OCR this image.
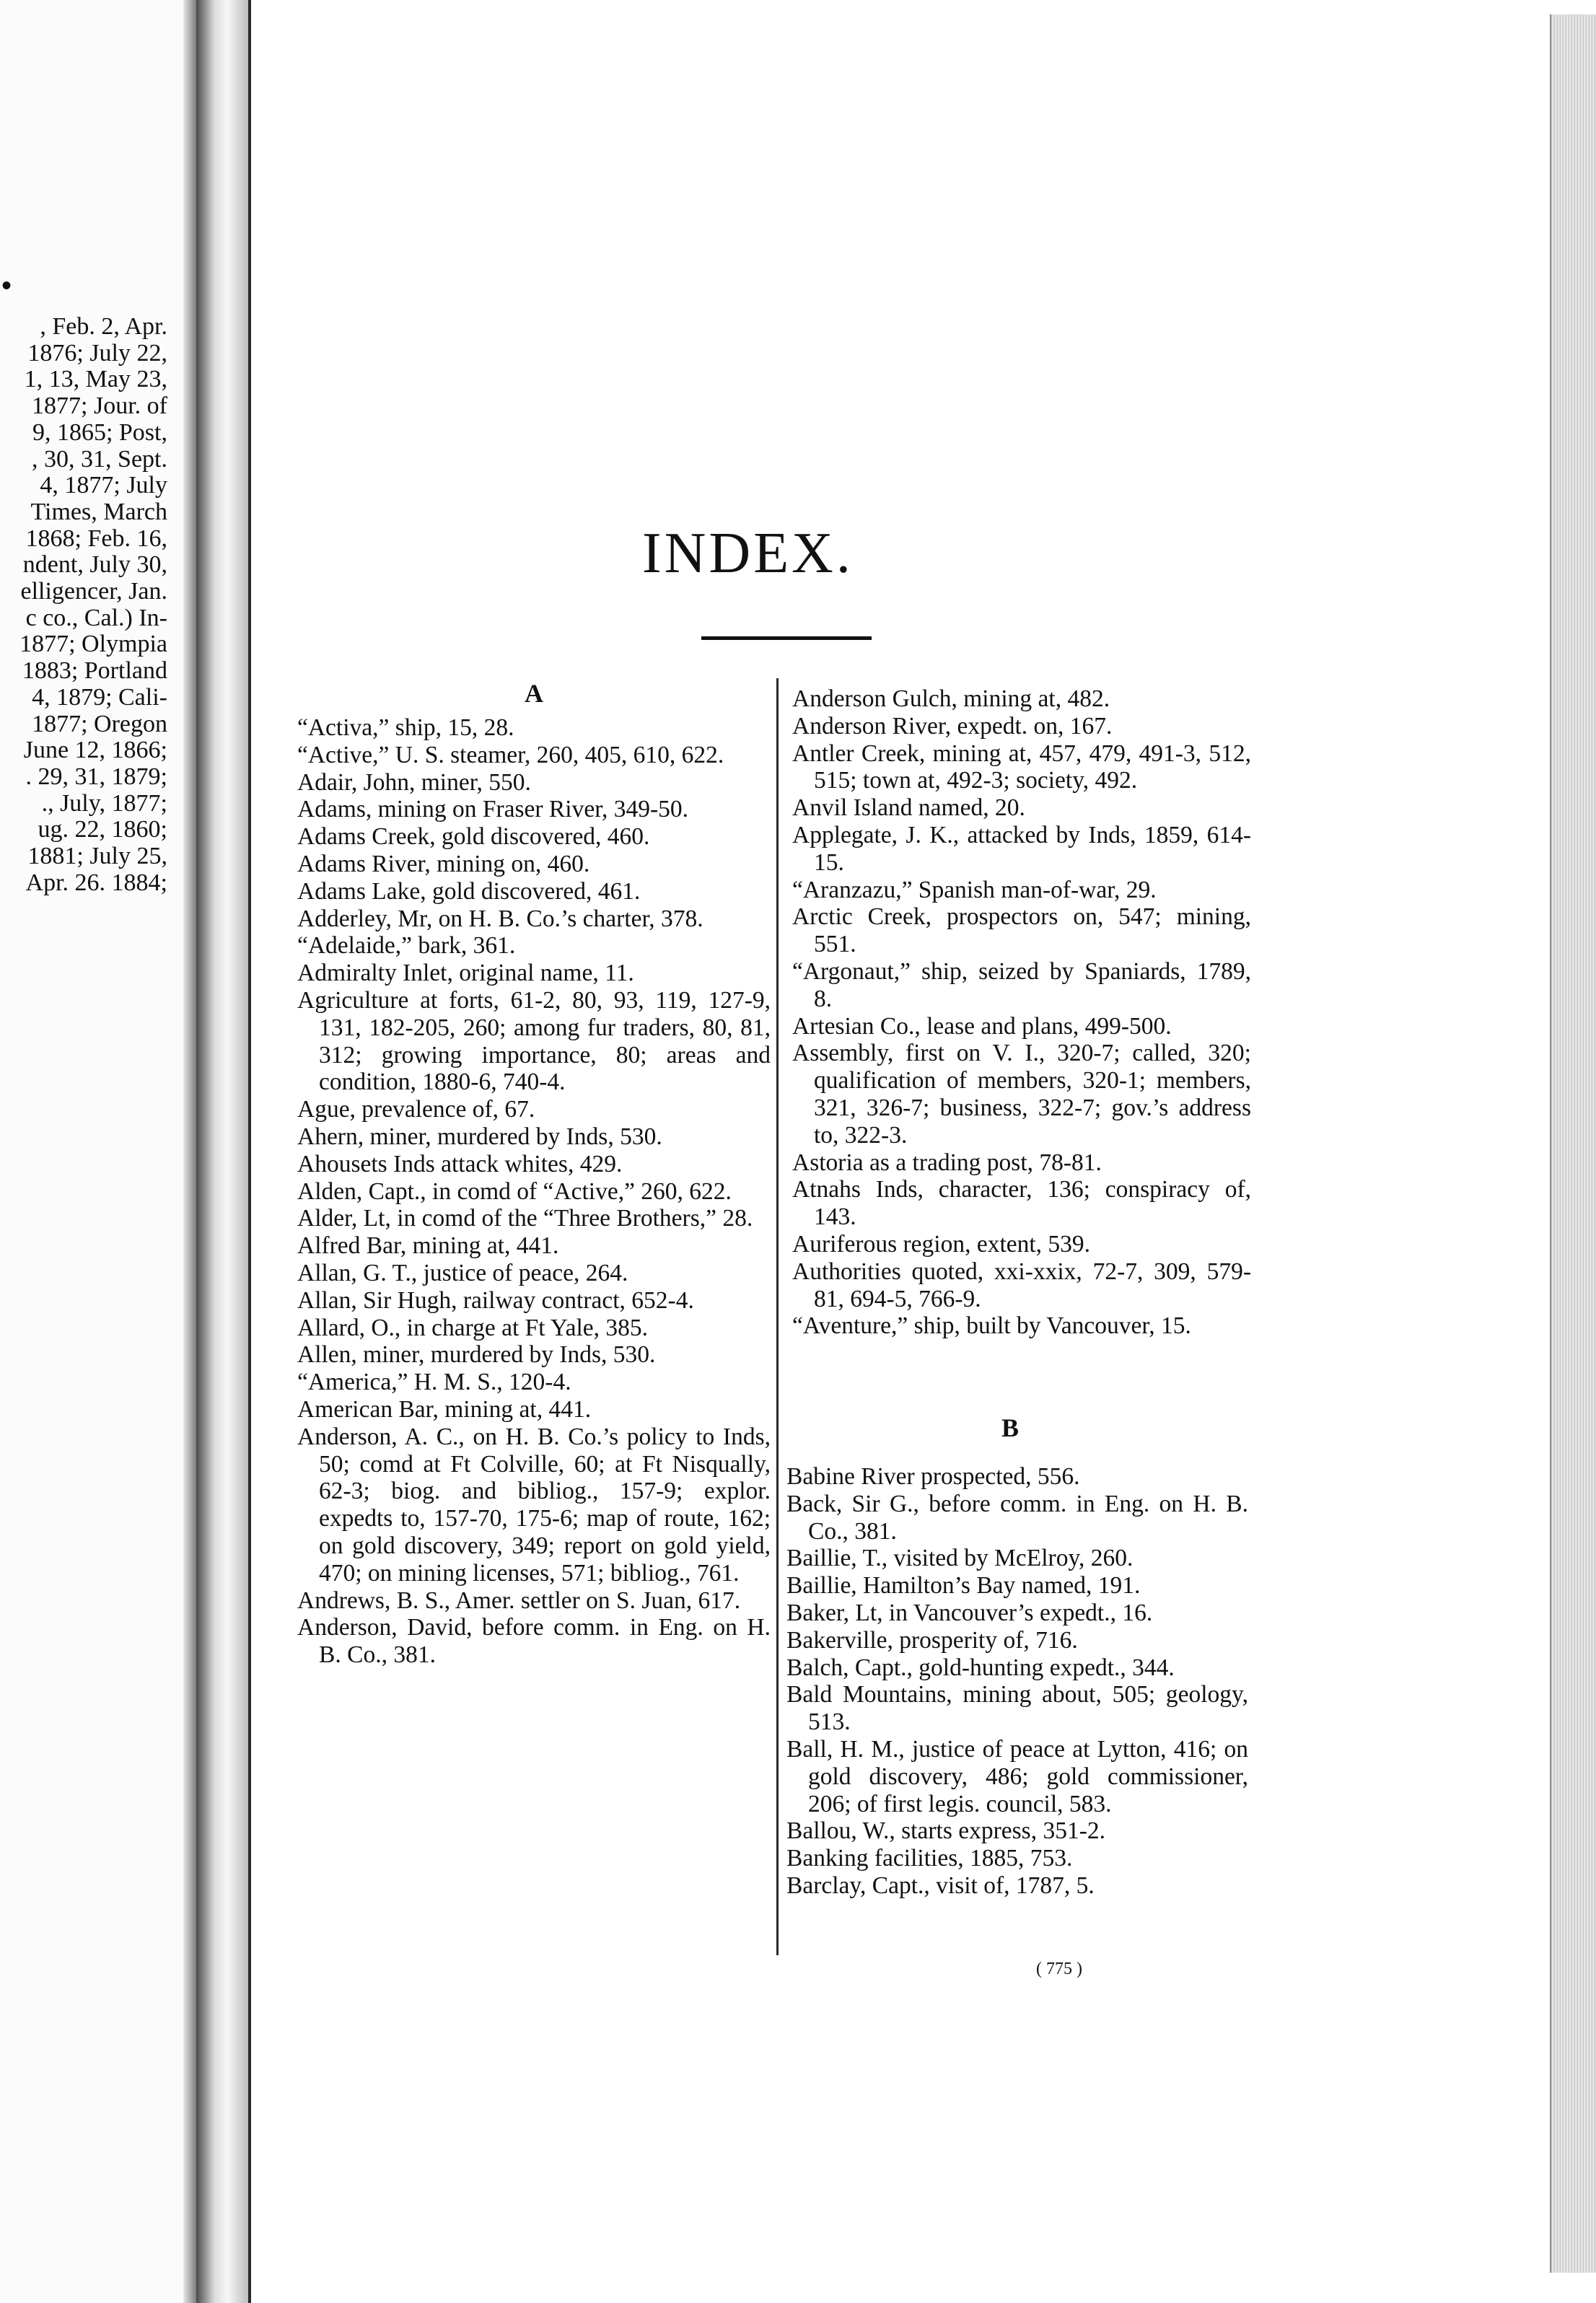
•
, Feb. 2, Apr.
1876; July 22,
1, 13, May 23,
1877; Jour. of
9, 1865; Post,
, 30, 31, Sept.
4, 1877; July
Times, March
1868; Feb. 16,
ndent, July 30,
elligencer, Jan.
c co., Cal.) In-
1877; Olympia
1883; Portland
4, 1879; Cali-
1877; Oregon
June 12, 1866;
. 29, 31, 1879;
., July, 1877;
ug. 22, 1860;
1881; July 25,
Apr. 26. 1884;
INDEX.
A

“Activa,” ship, 15, 28.

“Active,” U. S. steamer, 260, 405, 610, 622.

Adair, John, miner, 550.

Adams, mining on Fraser River, 349-50.

Adams Creek, gold discovered, 460.

Adams River, mining on, 460.

Adams Lake, gold discovered, 461.

Adderley, Mr, on H. B. Co.’s charter, 378.

“Adelaide,” bark, 361.

Admiralty Inlet, original name, 11.

Agriculture at forts, 61-2, 80, 93, 119, 127-9, 131, 182-205, 260; among fur traders, 80, 81, 312; growing importance, 80; areas and condition, 1880-6, 740-4.

Ague, prevalence of, 67.

Ahern, miner, murdered by Inds, 530.

Ahousets Inds attack whites, 429.

Alden, Capt., in comd of “Active,” 260, 622.

Alder, Lt, in comd of the “Three Brothers,” 28.

Alfred Bar, mining at, 441.

Allan, G. T., justice of peace, 264.

Allan, Sir Hugh, railway contract, 652-4.

Allard, O., in charge at Ft Yale, 385.

Allen, miner, murdered by Inds, 530.

“America,” H. M. S., 120-4.

American Bar, mining at, 441.

Anderson, A. C., on H. B. Co.’s policy to Inds, 50; comd at Ft Colville, 60; at Ft Nisqually, 62-3; biog. and bibliog., 157-9; explor. expedts to, 157-70, 175-6; map of route, 162; on gold discovery, 349; report on gold yield, 470; on mining licenses, 571; bibliog., 761.

Andrews, B. S., Amer. settler on S. Juan, 617.

Anderson, David, before comm. in Eng. on H. B. Co., 381.

Anderson Gulch, mining at, 482.

Anderson River, expedt. on, 167.

Antler Creek, mining at, 457, 479, 491-3, 512, 515; town at, 492-3; society, 492.

Anvil Island named, 20.

Applegate, J. K., attacked by Inds, 1859, 614-15.

“Aranzazu,” Spanish man-of-war, 29.

Arctic Creek, prospectors on, 547; mining, 551.

“Argonaut,” ship, seized by Spaniards, 1789, 8.

Artesian Co., lease and plans, 499-500.

Assembly, first on V. I., 320-7; called, 320; qualification of members, 320-1; members, 321, 326-7; business, 322-7; gov.’s address to, 322-3.

Astoria as a trading post, 78-81.

Atnahs Inds, character, 136; conspiracy of, 143.

Auriferous region, extent, 539.

Authorities quoted, xxi-xxix, 72-7, 309, 579-81, 694-5, 766-9.

“Aventure,” ship, built by Vancouver, 15.

B

Babine River prospected, 556.

Back, Sir G., before comm. in Eng. on H. B. Co., 381.

Baillie, T., visited by McElroy, 260.

Baillie, Hamilton’s Bay named, 191.

Baker, Lt, in Vancouver’s expedt., 16.

Bakerville, prosperity of, 716.

Balch, Capt., gold-hunting expedt., 344.

Bald Mountains, mining about, 505; geology, 513.

Ball, H. M., justice of peace at Lytton, 416; on gold discovery, 486; gold commissioner, 206; of first legis. council, 583.

Ballou, W., starts express, 351-2.

Banking facilities, 1885, 753.

Barclay, Capt., visit of, 1787, 5.

( 775 )
